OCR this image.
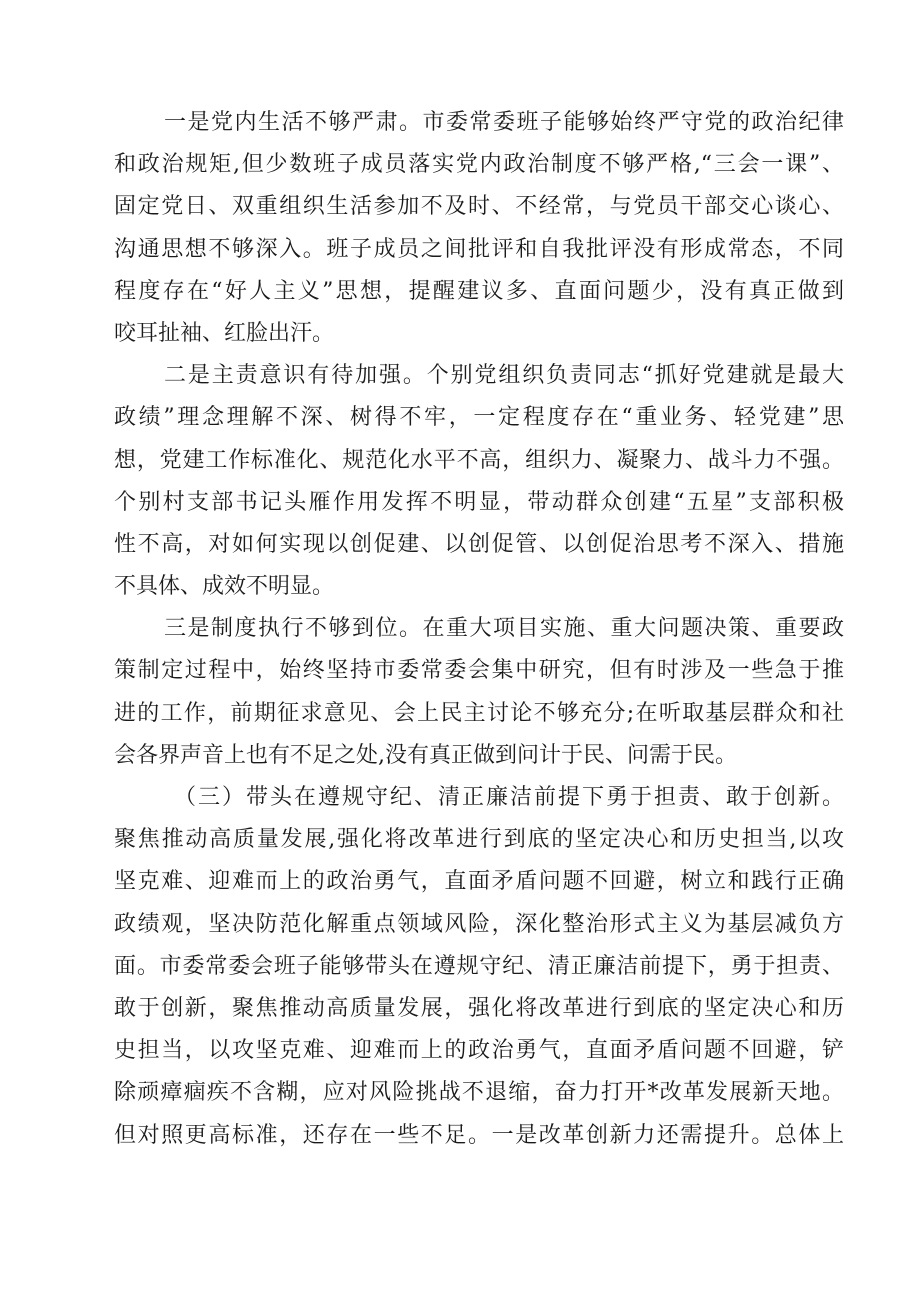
一是党内生活不够严肃。市委常委班子能够始终严守党的政治纪律
和政治规矩,但少数班子成员落实党内政治制度不够严格,“三会一课”、
固定党日、双重组织生活参加不及时、不经常，与党员干部交心谈心、
沟通思想不够深入。班子成员之间批评和自我批评没有形成常态，不同
程度存在“好人主义”思想，提醒建议多、直面问题少，没有真正做到
咬耳扯袖、红脸出汗。
二是主责意识有待加强。个别党组织负责同志“抓好党建就是最大
政绩”理念理解不深、树得不牢，一定程度存在“重业务、轻党建”思
想，党建工作标准化、规范化水平不高，组织力、凝聚力、战斗力不强。
个别村支部书记头雁作用发挥不明显，带动群众创建“五星”支部积极
性不高，对如何实现以创促建、以创促管、以创促治思考不深入、措施
不具体、成效不明显。
三是制度执行不够到位。在重大项目实施、重大问题决策、重要政
策制定过程中，始终坚持市委常委会集中研究，但有时涉及一些急于推
进的工作，前期征求意见、会上民主讨论不够充分;在听取基层群众和社
会各界声音上也有不足之处,没有真正做到问计于民、问需于民。
（三）带头在遵规守纪、清正廉洁前提下勇于担责、敢于创新。
聚焦推动高质量发展,强化将改革进行到底的坚定决心和历史担当,以攻
坚克难、迎难而上的政治勇气，直面矛盾问题不回避，树立和践行正确
政绩观，坚决防范化解重点领域风险，深化整治形式主义为基层减负方
面。市委常委会班子能够带头在遵规守纪、清正廉洁前提下，勇于担责、
敢于创新，聚焦推动高质量发展，强化将改革进行到底的坚定决心和历
史担当，以攻坚克难、迎难而上的政治勇气，直面矛盾问题不回避，铲
除顽瘴痼疾不含糊，应对风险挑战不退缩，奋力打开*改革发展新天地。
但对照更高标准，还存在一些不足。一是改革创新力还需提升。总体上
